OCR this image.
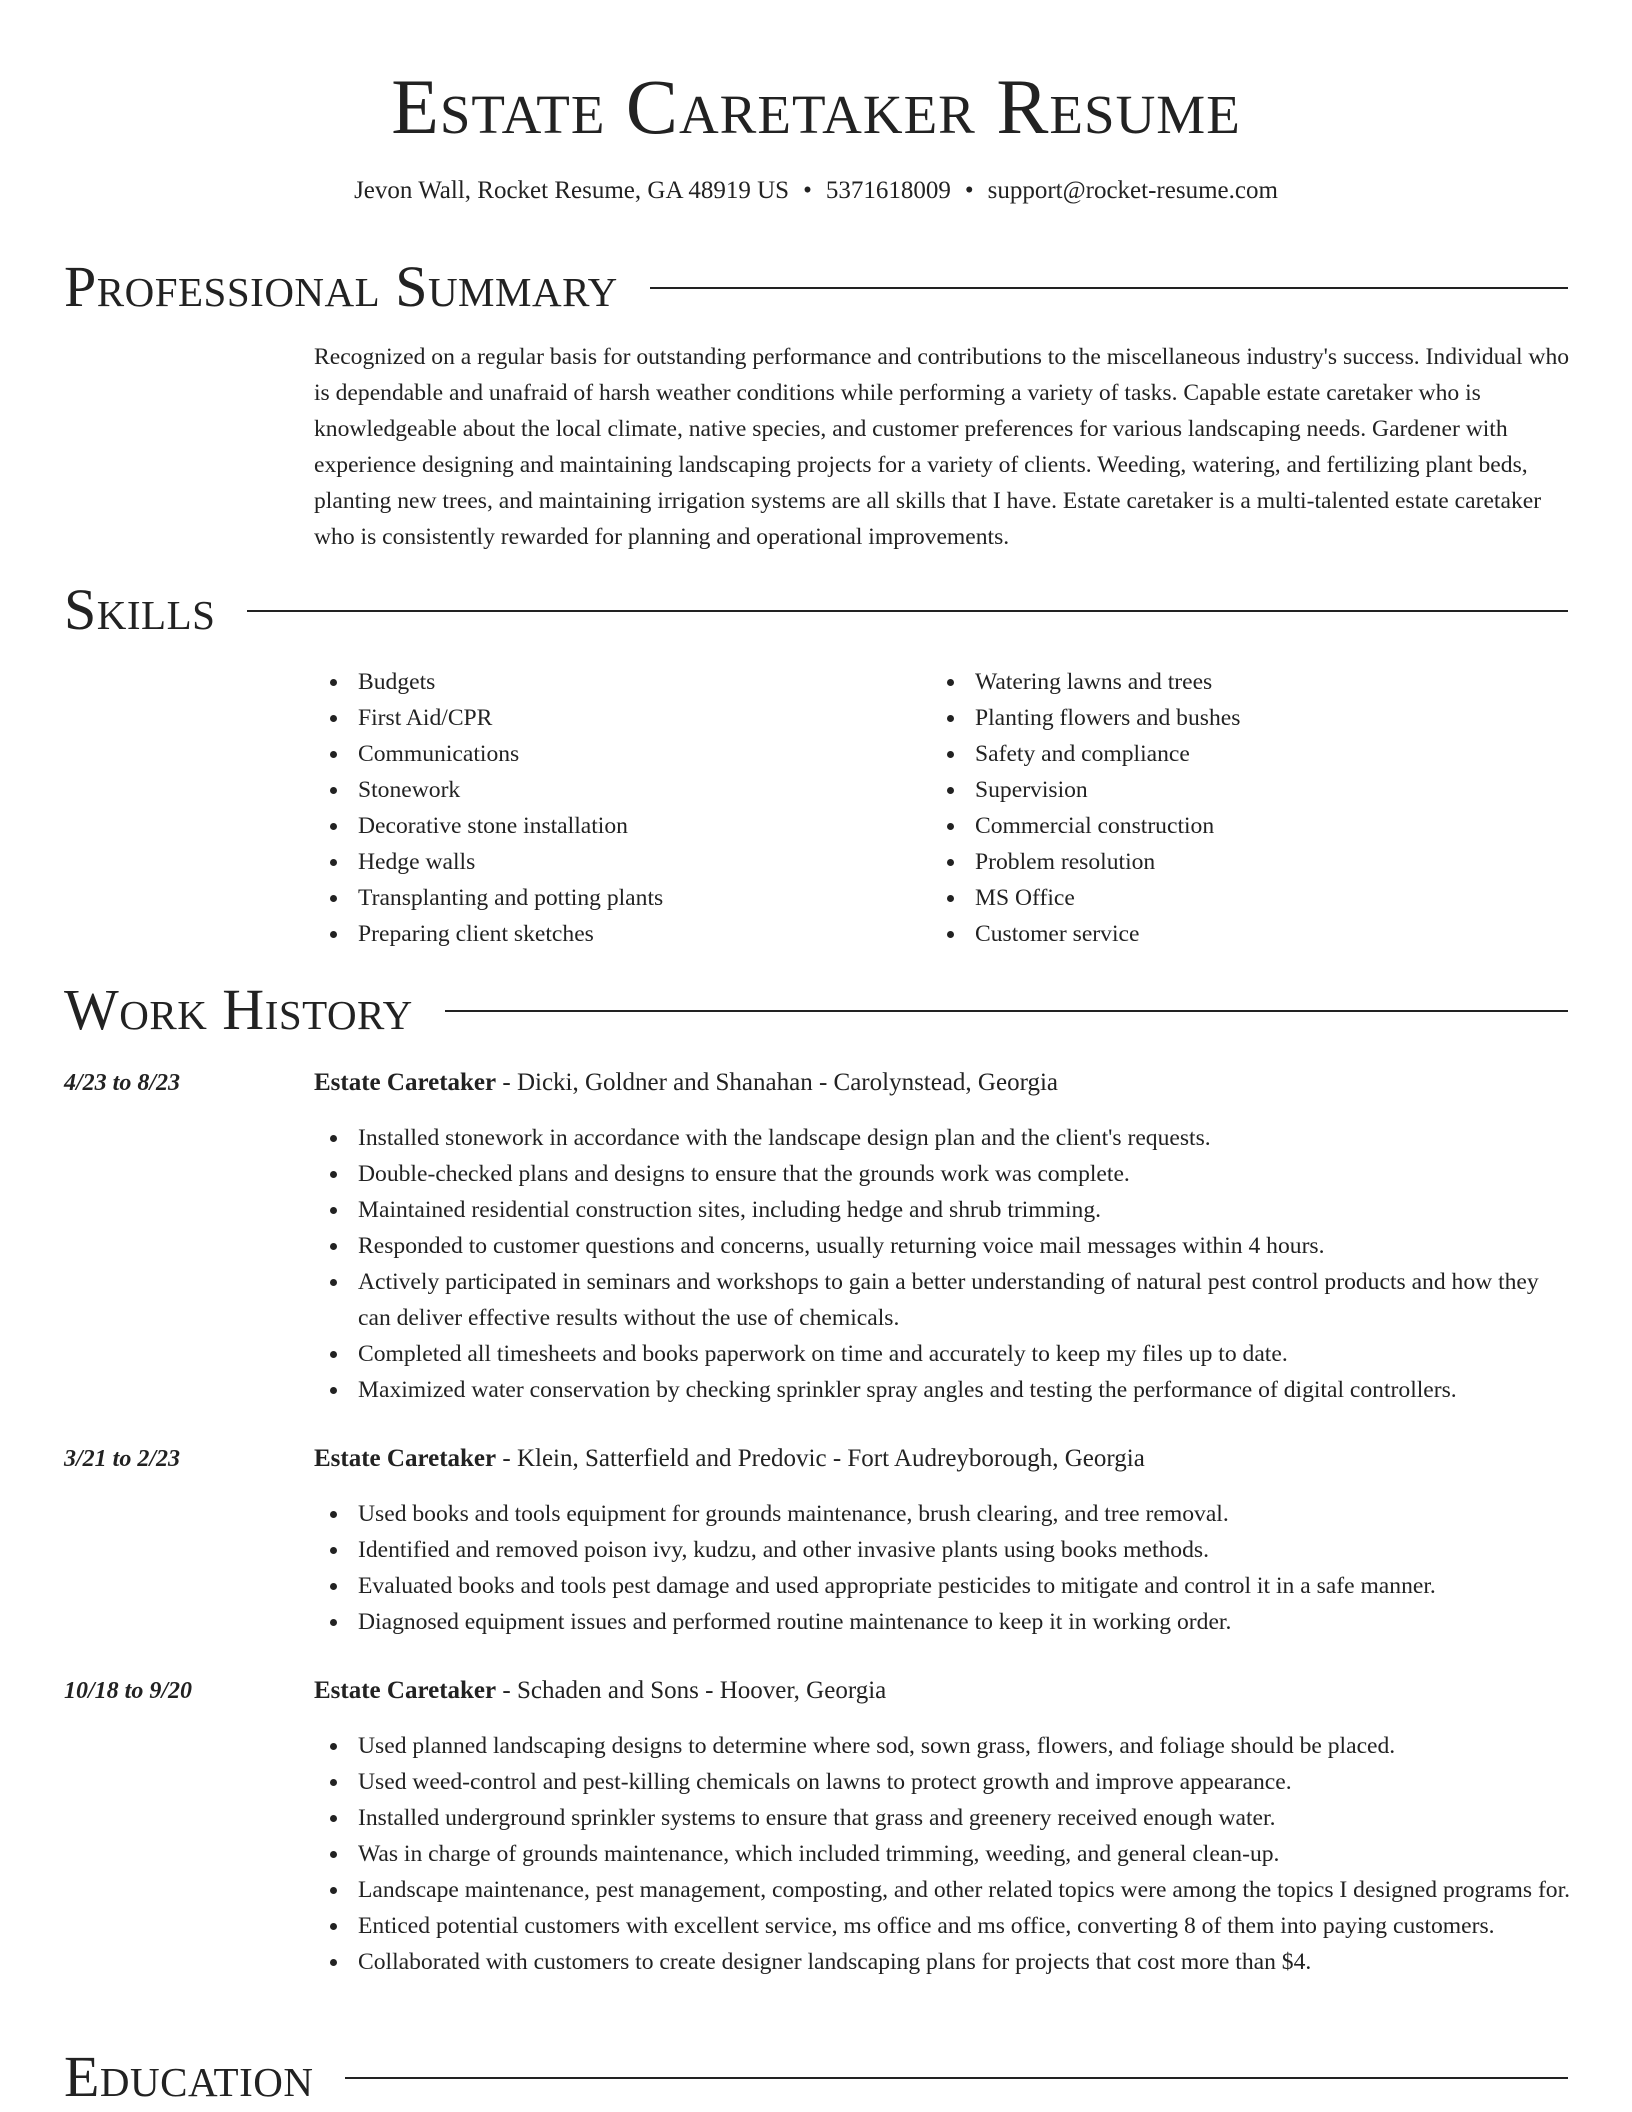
Estate Caretaker Resume
Jevon Wall, Rocket Resume, GA 48919 US • 5371618009 • support@rocket-resume.com
Professional Summary

Recognized on a regular basis for outstanding performance and contributions to the miscellaneous industry's success. Individual who is dependable and unafraid of harsh weather conditions while performing a variety of tasks. Capable estate caretaker who is knowledgeable about the local climate, native species, and customer preferences for various landscaping needs. Gardener with experience designing and maintaining landscaping projects for a variety of clients. Weeding, watering, and fertilizing plant beds, planting new trees, and maintaining irrigation systems are all skills that I have. Estate caretaker is a multi-talented estate caretaker who is consistently rewarded for planning and operational improvements.

Skills
Budgets
First Aid/CPR
Communications
Stonework
Decorative stone installation
Hedge walls
Transplanting and potting plants
Preparing client sketches
Watering lawns and trees
Planting flowers and bushes
Safety and compliance
Supervision
Commercial construction
Problem resolution
MS Office
Customer service
Work History
4/23 to 8/23	Estate Caretaker - Dicki, Goldner and Shanahan - Carolynstead, Georgia
Installed stonework in accordance with the landscape design plan and the client's requests.
Double-checked plans and designs to ensure that the grounds work was complete.
Maintained residential construction sites, including hedge and shrub trimming.
Responded to customer questions and concerns, usually returning voice mail messages within 4 hours.
Actively participated in seminars and workshops to gain a better understanding of natural pest control products and how they can deliver effective results without the use of chemicals.
Completed all timesheets and books paperwork on time and accurately to keep my files up to date.
Maximized water conservation by checking sprinkler spray angles and testing the performance of digital controllers.
3/21 to 2/23	Estate Caretaker - Klein, Satterfield and Predovic - Fort Audreyborough, Georgia
Used books and tools equipment for grounds maintenance, brush clearing, and tree removal.
Identified and removed poison ivy, kudzu, and other invasive plants using books methods.
Evaluated books and tools pest damage and used appropriate pesticides to mitigate and control it in a safe manner.
Diagnosed equipment issues and performed routine maintenance to keep it in working order.
10/18 to 9/20	Estate Caretaker - Schaden and Sons - Hoover, Georgia
Used planned landscaping designs to determine where sod, sown grass, flowers, and foliage should be placed.
Used weed-control and pest-killing chemicals on lawns to protect growth and improve appearance.
Installed underground sprinkler systems to ensure that grass and greenery received enough water.
Was in charge of grounds maintenance, which included trimming, weeding, and general clean-up.
Landscape maintenance, pest management, composting, and other related topics were among the topics I designed programs for.
Enticed potential customers with excellent service, ms office and ms office, converting 8 of them into paying customers.
Collaborated with customers to create designer landscaping plans for projects that cost more than $4.
Education
